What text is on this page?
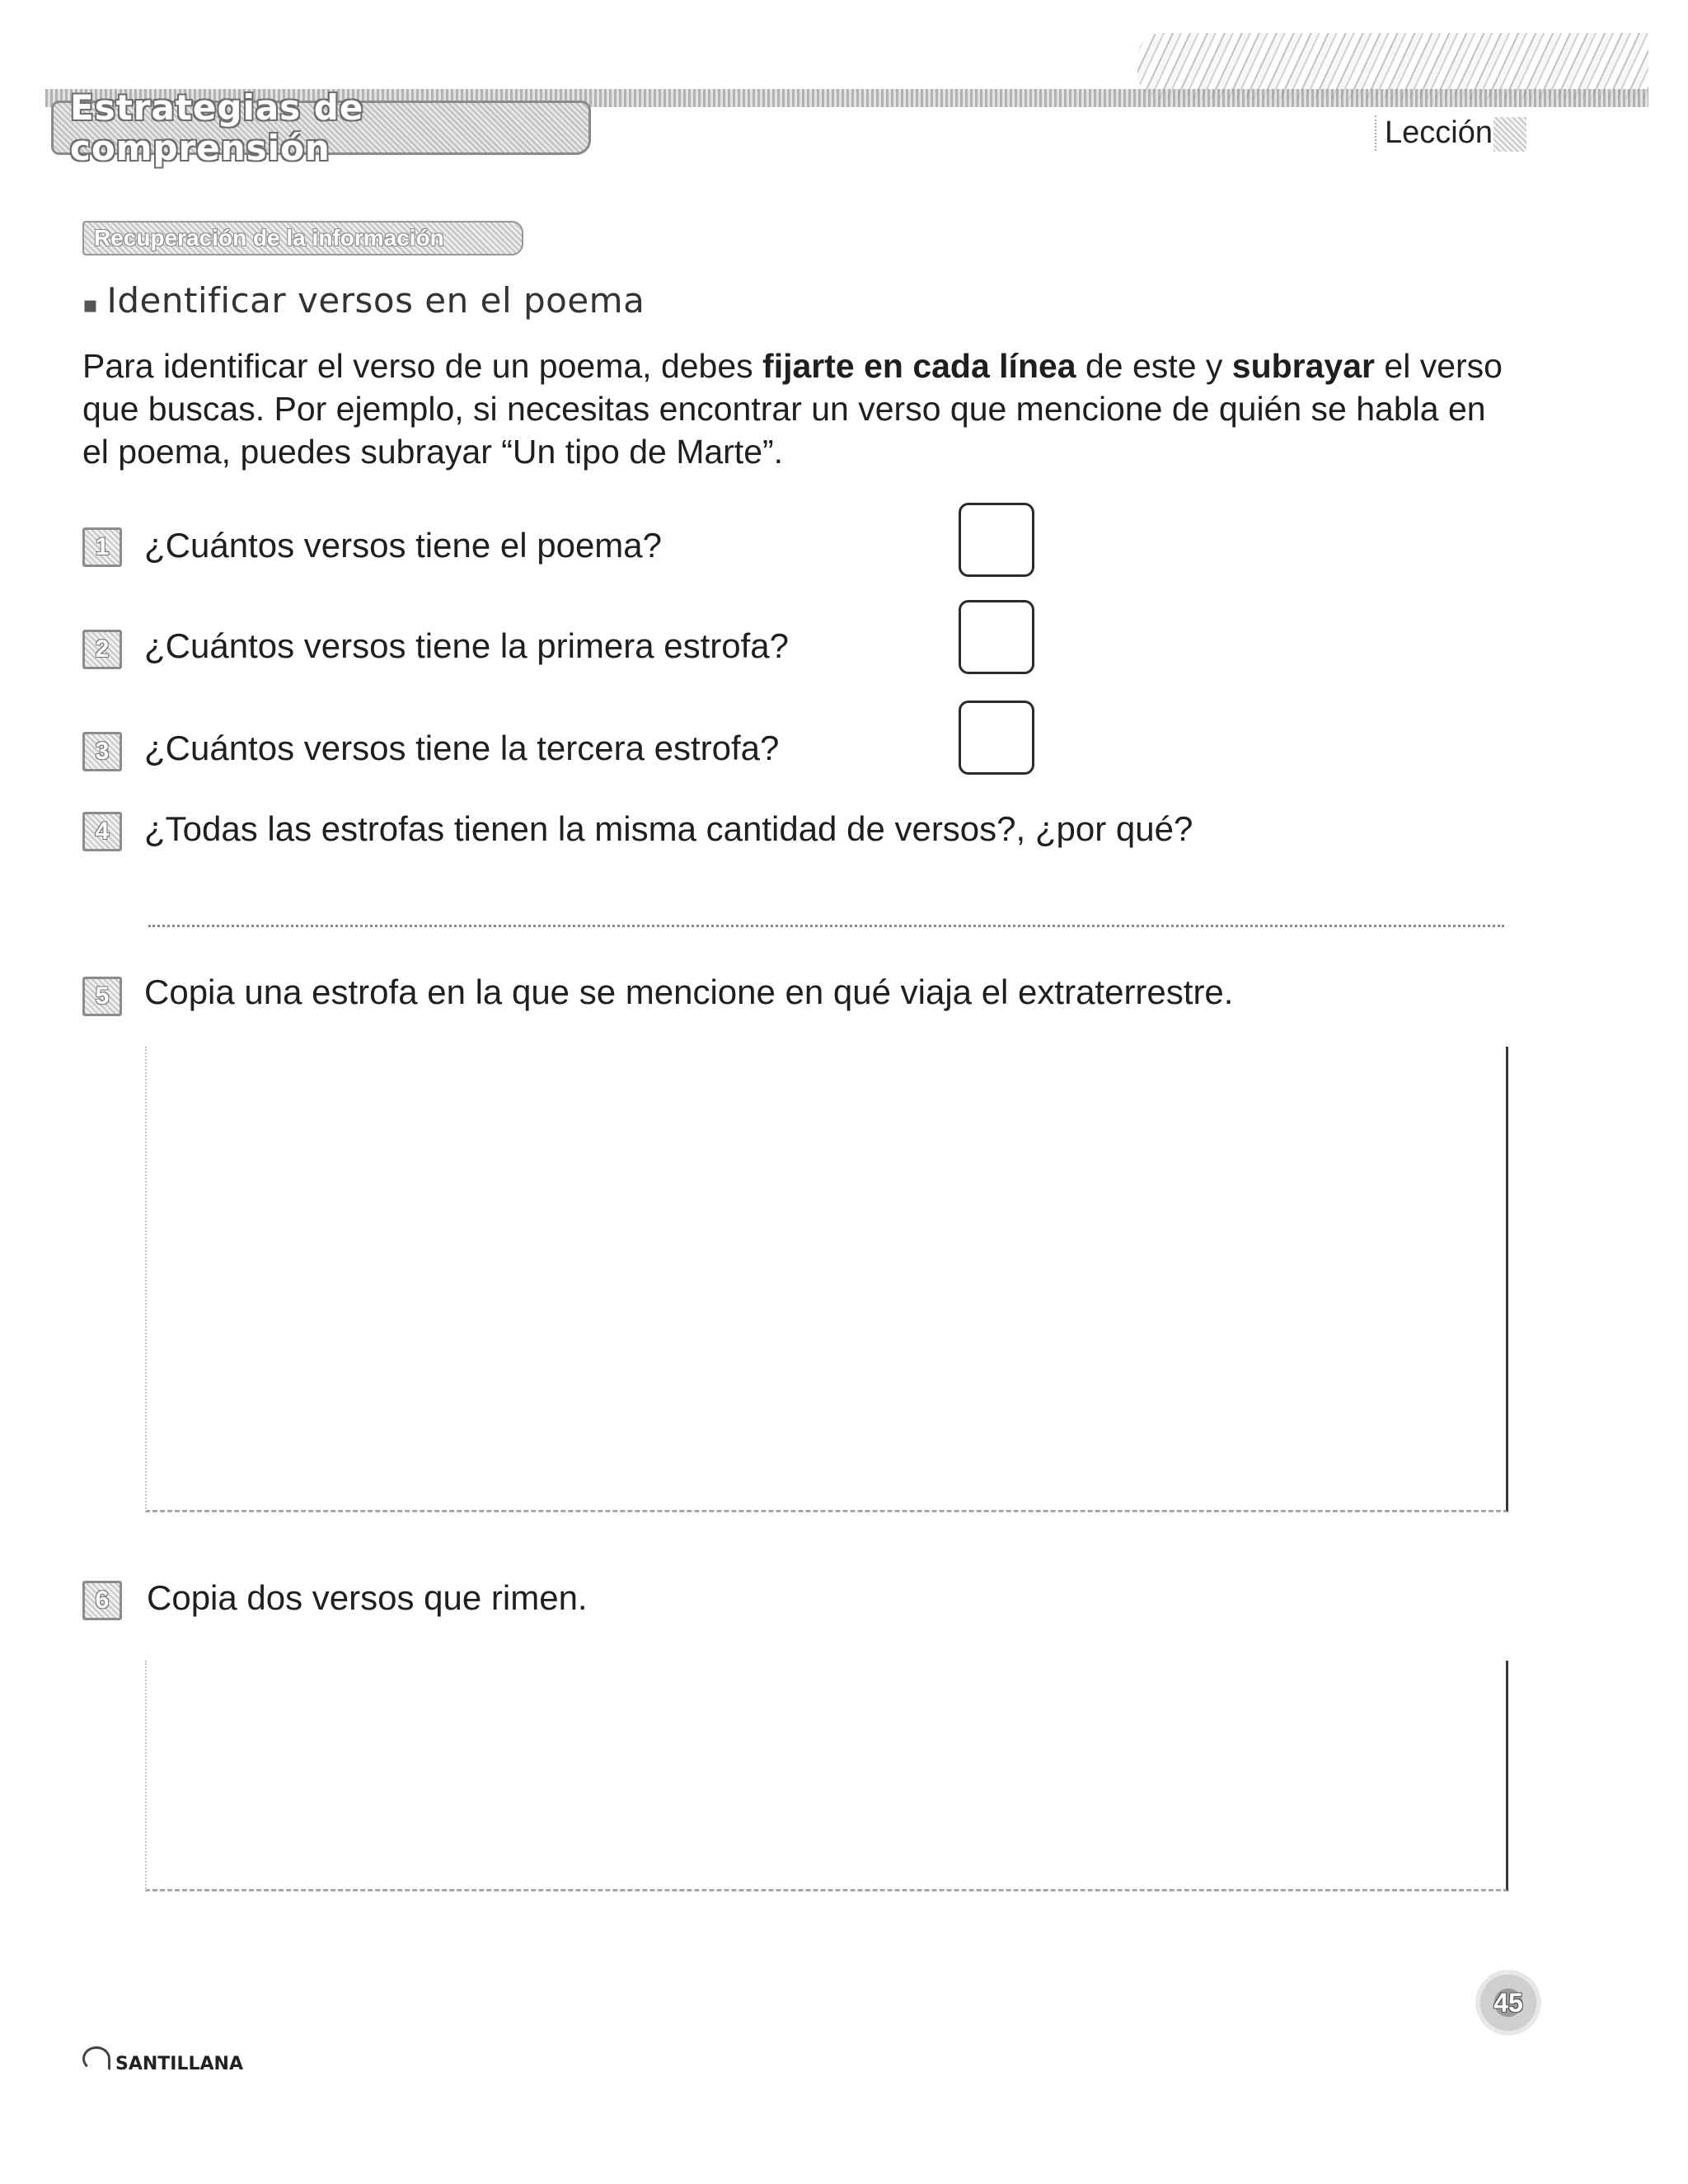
Estrategias de comprensión	Lección
Recuperación de la información
▪ Identificar versos en el poema
Para identificar el verso de un poema, debes fijarte en cada línea de este y subrayar el verso que buscas. Por ejemplo, si necesitas encontrar un verso que mencione de quién se habla en el poema, puedes subrayar “Un tipo de Marte”.
1	¿Cuántos versos tiene el poema?
2	¿Cuántos versos tiene la primera estrofa?
3	¿Cuántos versos tiene la tercera estrofa?
4	¿Todas las estrofas tienen la misma cantidad de versos?, ¿por qué?
5	Copia una estrofa en la que se mencione en qué viaja el extraterrestre.
6	Copia dos versos que rimen.
SANTILLANA
45
